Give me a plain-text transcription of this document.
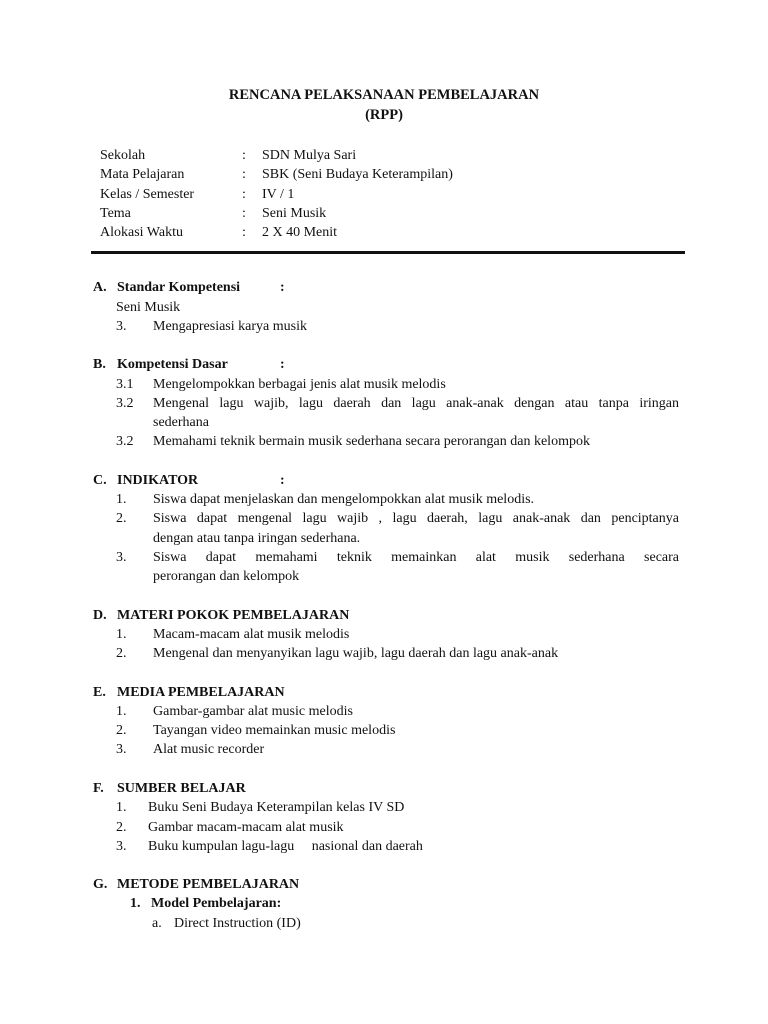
RENCANA PELAKSANAAN PEMBELAJARAN
(RPP)
Sekolah	: SDN Mulya Sari
Mata Pelajaran	: SBK (Seni Budaya Keterampilan)
Kelas / Semester	: IV / 1
Tema	: Seni Musik
Alokasi Waktu	: 2 X 40 Menit
A. Standar Kompetensi	:
Seni Musik
3. Mengapresiasi karya musik
B. Kompetensi Dasar	:
3.1 Mengelompokkan berbagai jenis alat musik melodis
3.2 Mengenal lagu wajib, lagu daerah dan lagu anak-anak dengan atau tanpa iringan
sederhana
3.2 Memahami teknik bermain musik sederhana secara perorangan dan kelompok
C. INDIKATOR	:
1. Siswa dapat menjelaskan dan mengelompokkan alat musik melodis.
2. Siswa dapat mengenal lagu wajib , lagu daerah, lagu anak-anak dan penciptanya
dengan atau tanpa iringan sederhana.
3. Siswa dapat memahami teknik memainkan alat musik sederhana secara
perorangan dan kelompok
D. MATERI POKOK PEMBELAJARAN
1. Macam-macam alat musik melodis
2. Mengenal dan menyanyikan lagu wajib, lagu daerah dan lagu anak-anak
E. MEDIA PEMBELAJARAN
1. Gambar-gambar alat music melodis
2. Tayangan video memainkan music melodis
3. Alat music recorder
F. SUMBER BELAJAR
1. Buku Seni Budaya Keterampilan kelas IV SD
2. Gambar macam-macam alat musik
3. Buku kumpulan lagu-lagu     nasional dan daerah
G. METODE PEMBELAJARAN
1.   Model Pembelajaran:
a. Direct Instruction (ID)
